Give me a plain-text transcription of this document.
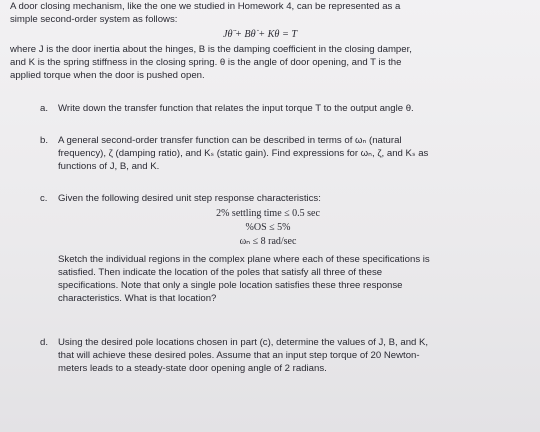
A door closing mechanism, like the one we studied in Homework 4, can be represented as a

simple second-order system as follows:

Jθ̈ + Bθ̇ + Kθ = T

where J is the door inertia about the hinges, B is the damping coefficient in the closing damper,

and K is the spring stiffness in the closing spring. θ is the angle of door opening, and T is the

applied torque when the door is pushed open.

a. Write down the transfer function that relates the input torque T to the output angle θ.

b. A general second-order transfer function can be described in terms of ωₙ (natural

frequency), ζ (damping ratio), and Kₛ (static gain). Find expressions for ωₙ, ζ, and Kₛ as

functions of J, B, and K.

c. Given the following desired unit step response characteristics:

2% settling time ≤ 0.5 sec

%OS ≤ 5%

ωₙ ≤ 8 rad/sec

Sketch the individual regions in the complex plane where each of these specifications is

satisfied. Then indicate the location of the poles that satisfy all three of these

specifications. Note that only a single pole location satisfies these three response

characteristics. What is that location?

d. Using the desired pole locations chosen in part (c), determine the values of J, B, and K,

that will achieve these desired poles. Assume that an input step torque of 20 Newton-

meters leads to a steady-state door opening angle of 2 radians.
